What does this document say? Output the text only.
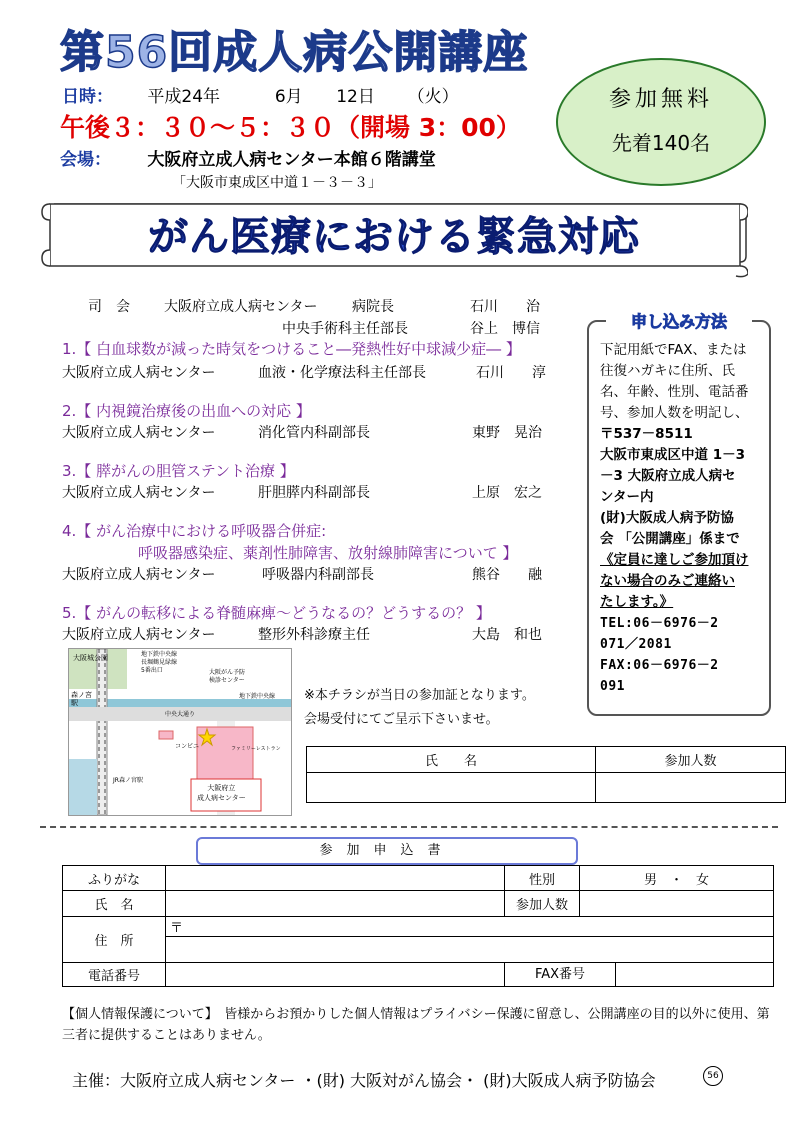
第56回成人病公開講座
日時： 平成24年	6月 12日 （火）
午後３：３０～５：３０（開場 3：00）
会場： 大阪府立成人病センター本館６階講堂
「大阪市東成区中道１－３－３」
参加無料
先着140名
がん医療における緊急対応
司　会 大阪府立成人病センター 病院長	石川　　治
中央手術科主任部長	谷上　博信
1.【 白血球数が減った時気をつけること―発熱性好中球減少症― 】
大阪府立成人病センター	血液・化学療法科主任部長	石川　　淳
2.【 内視鏡治療後の出血への対応 】
大阪府立成人病センター	消化管内科副部長	東野　晃治
3.【 膵がんの胆管ステント治療 】
大阪府立成人病センター	肝胆膵内科副部長	上原　宏之
4.【 がん治療中における呼吸器合併症:
呼吸器感染症、薬剤性肺障害、放射線肺障害について 】
大阪府立成人病センター	呼吸器内科副部長	熊谷　　融
5.【 がんの転移による脊髄麻痺～どうなるの？どうするの？ 】
大阪府立成人病センター	整形外科診療主任	大島　和也
申し込み方法
下記用紙でFAX、または
往復ハガキに住所、氏
名、年齢、性別、電話番
号、参加人数を明記し、
〒537－8511
大阪市東成区中道 1－3
－3 大阪府立成人病セ
ンター内
(財)大阪成人病予防協
会 「公開講座」係まで
《定員に達しご参加頂け
ない場合のみご連絡い
たします。》
TEL:06－6976－2
071／2081
FAX:06－6976－2
091
大阪城公園	地下鉄中央線
長堀鶴見緑線
5番出口	大阪がん予防
検診センター
地下鉄中央線
森ノ宮
駅
中央大通り
コンビニ	ファミリーレストラン
JR森ノ宮駅
大阪府立
成人病センター
※本チラシが当日の参加証となります。
会場受付にてご呈示下さいませ。
氏　　名	参加人数

参加申込書
ふりがな		性別	男　・　女
氏　名		参加人数	
住　所	〒		

電話番号		FAX番号	
【個人情報保護について】　皆様からお預かりした個人情報はプライバシー保護に留意し、公開講座の目的以外に使用、第三者に提供することはありません。
主催：大阪府立成人病センター ・(財) 大阪対がん協会・ (財)大阪成人病予防協会	56
